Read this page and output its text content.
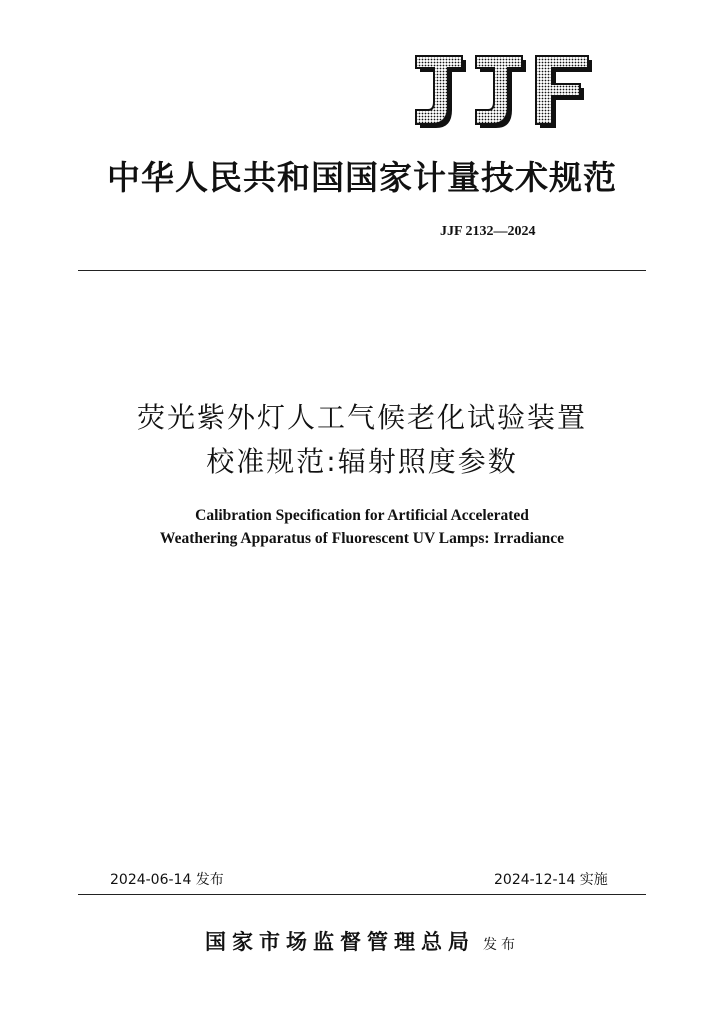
中华人民共和国国家计量技术规范
JJF 2132—2024
荧光紫外灯人工气候老化试验装置
校准规范:辐射照度参数
Calibration Specification for Artificial Accelerated
Weathering Apparatus of Fluorescent UV Lamps: Irradiance
2024-06-14 发布	2024-12-14 实施
国家市场监督管理总局 发布
